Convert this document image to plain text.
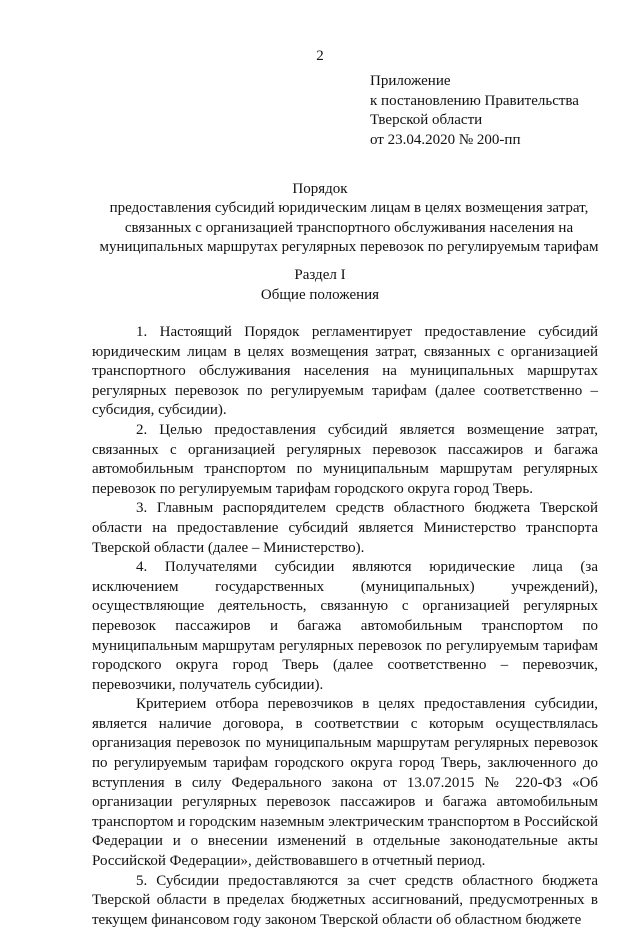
2
Приложение
к постановлению Правительства
Тверской области
от 23.04.2020 № 200-пп
Порядок
предоставления субсидий юридическим лицам в целях возмещения затрат,
связанных с организацией транспортного обслуживания населения на
муниципальных маршрутах регулярных перевозок по регулируемым тарифам
Раздел I
Общие положения

1. Настоящий Порядок регламентирует предоставление субсидий юридическим лицам в целях возмещения затрат, связанных с организацией транспортного обслуживания населения на муниципальных маршрутах регулярных перевозок по регулируемым тарифам (далее соответственно – субсидия, субсидии).

2. Целью предоставления субсидий является возмещение затрат, связанных с организацией регулярных перевозок пассажиров и багажа автомобильным транспортом по муниципальным маршрутам регулярных перевозок по регулируемым тарифам городского округа город Тверь.

3. Главным распорядителем средств областного бюджета Тверской области на предоставление субсидий является Министерство транспорта Тверской области (далее – Министерство).

4. Получателями субсидии являются юридические лица (за исключением государственных (муниципальных) учреждений), осуществляющие деятельность, связанную с организацией регулярных перевозок пассажиров и багажа автомобильным транспортом по муниципальным маршрутам регулярных перевозок по регулируемым тарифам городского округа город Тверь (далее соответственно – перевозчик, перевозчики, получатель субсидии).

Критерием отбора перевозчиков в целях предоставления субсидии, является наличие договора, в соответствии с которым осуществлялась организация перевозок по муниципальным маршрутам регулярных перевозок по регулируемым тарифам городского округа город Тверь, заключенного до вступления в силу Федерального закона от 13.07.2015 № 220-ФЗ «Об организации регулярных перевозок пассажиров и багажа автомобильным транспортом и городским наземным электрическим транспортом в Российской Федерации и о внесении изменений в отдельные законодательные акты Российской Федерации», действовавшего в отчетный период.

5. Субсидии предоставляются за счет средств областного бюджета Тверской области в пределах бюджетных ассигнований, предусмотренных в текущем финансовом году законом Тверской области об областном бюджете
